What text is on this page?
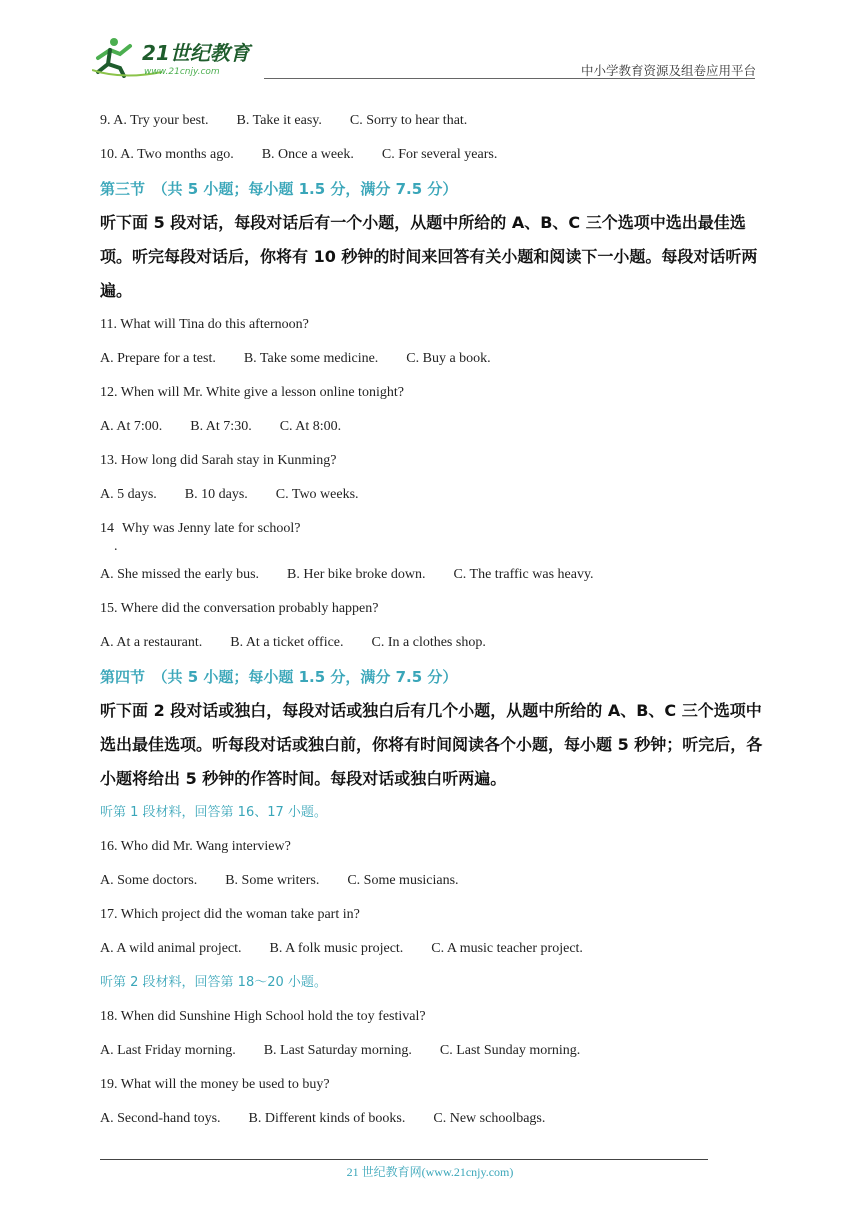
21世纪教育
www.21cnjy.com	中小学教育资源及组卷应用平台
9. A. Try your best. B. Take it easy. C. Sorry to hear that.
10. A. Two months ago. B. Once a week. C. For several years.
第三节　（共 5 小题；每小题 1.5 分，满分 7.5 分）
听下面 5 段对话，每段对话后有一个小题，从题中所给的 A、B、C 三个选项中选出最佳选项。听完每段对话后，你将有 10 秒钟的时间来回答有关小题和阅读下一小题。每段对话听两遍。
11. What will Tina do this afternoon?
A. Prepare for a test. B. Take some medicine. C. Buy a book.
12. When will Mr. White give a lesson online tonight?
A. At 7:00. B. At 7:30. C. At 8:00.
13. How long did Sarah stay in Kunming?
A. 5 days. B. 10 days. C. Two weeks.
14
.
Why was Jenny late for school?
A. She missed the early bus. B. Her bike broke down. C. The traffic was heavy.
15. Where did the conversation probably happen?
A. At a restaurant. B. At a ticket office. C. In a clothes shop.
第四节　（共 5 小题；每小题 1.5 分，满分 7.5 分）
听下面 2 段对话或独白，每段对话或独白后有几个小题，从题中所给的 A、B、C 三个选项中选出最佳选项。听每段对话或独白前，你将有时间阅读各个小题，每小题 5 秒钟；听完后，各小题将给出 5 秒钟的作答时间。每段对话或独白听两遍。
听第 1 段材料，回答第 16、17 小题。
16. Who did Mr. Wang interview?
A. Some doctors. B. Some writers. C. Some musicians.
17. Which project did the woman take part in?
A. A wild animal project. B. A folk music project. C. A music teacher project.
听第 2 段材料，回答第 18～20 小题。
18. When did Sunshine High School hold the toy festival?
A. Last Friday morning. B. Last Saturday morning. C. Last Sunday morning.
19. What will the money be used to buy?
A. Second-hand toys. B. Different kinds of books. C. New schoolbags.
21 世纪教育网(www.21cnjy.com)
